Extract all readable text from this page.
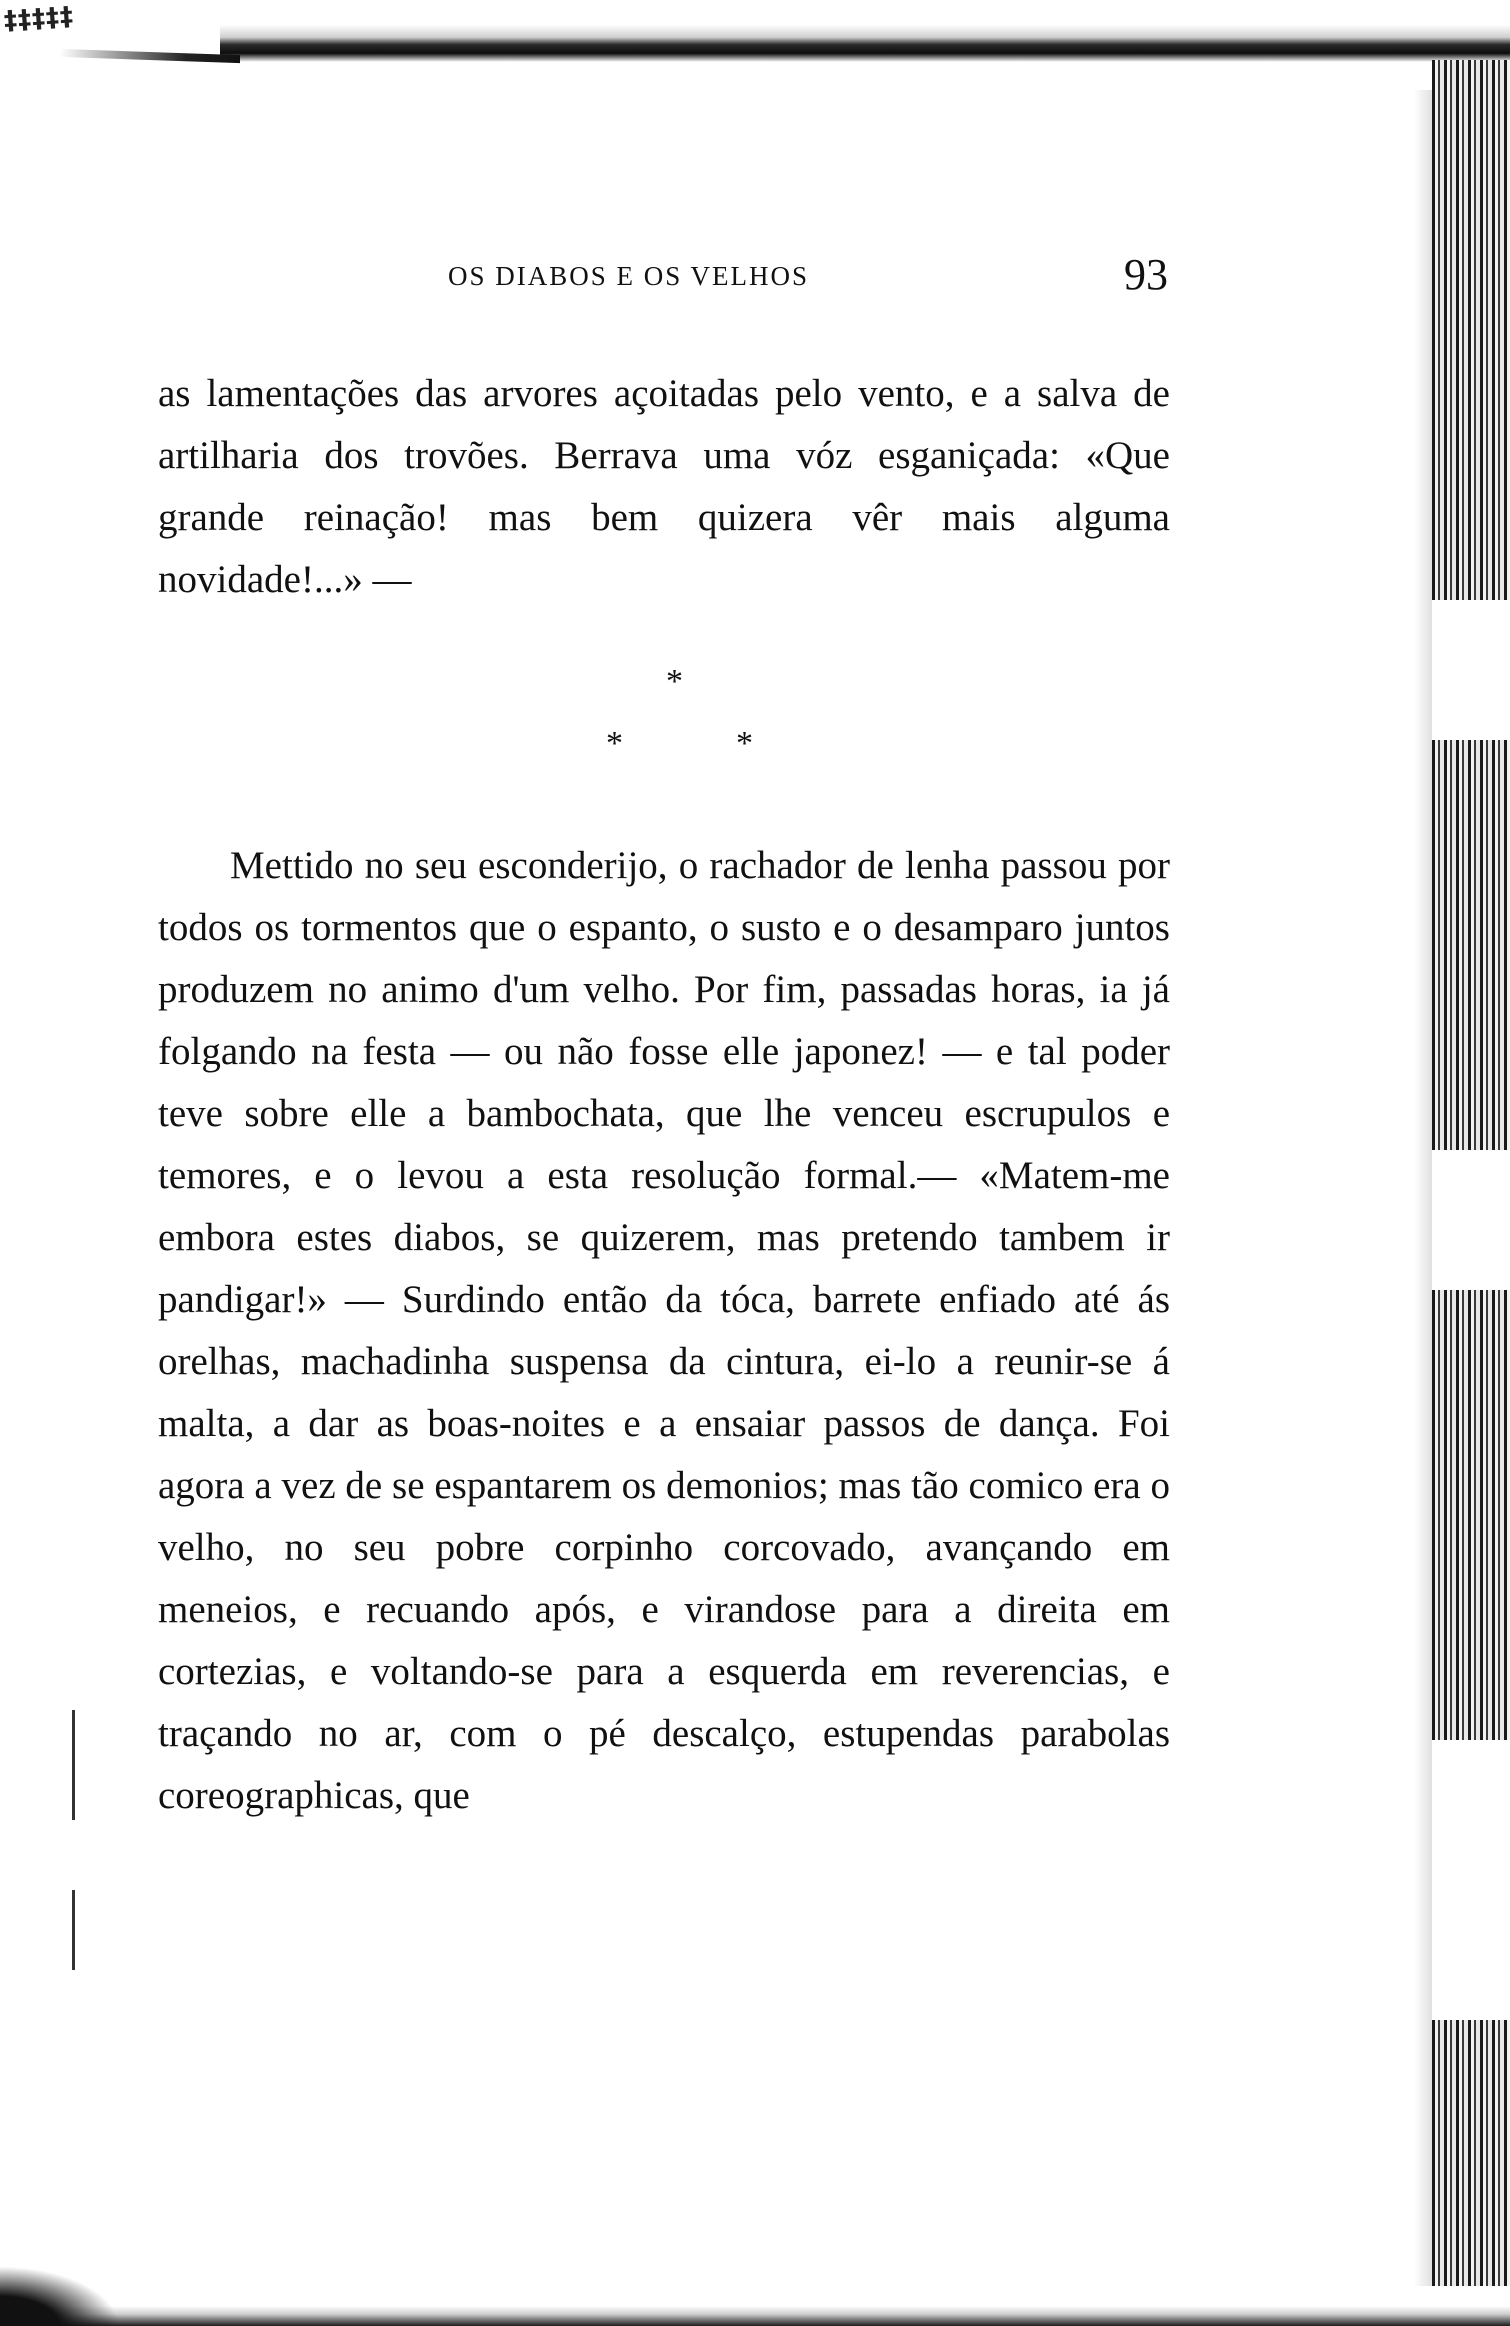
‡‡‡‡‡
OS DIABOS E OS VELHOS	93

as lamentações das arvores açoitadas pelo vento, e a salva de artilharia dos trovões. Berrava uma vóz esganiçada: «Que grande reinação! mas bem quizera vêr mais alguma novidade!...» —

*
*	*

Mettido no seu esconderijo, o rachador de lenha passou por todos os tormentos que o espanto, o susto e o desamparo juntos produzem no animo d'um velho. Por fim, passadas horas, ia já folgando na festa — ou não fosse elle japonez! — e tal poder teve sobre elle a bambochata, que lhe venceu escrupulos e temores, e o levou a esta resolução formal.— «Matem-me embora estes diabos, se quizerem, mas pretendo tambem ir pandigar!» — Surdindo então da tóca, barrete enfiado até ás orelhas, machadinha suspensa da cintura, ei-lo a reunir-se á malta, a dar as boas-noites e a ensaiar passos de dança. Foi agora a vez de se espantarem os demonios; mas tão comico era o velho, no seu pobre corpinho corcovado, avançando em meneios, e recuando após, e virandose para a direita em cortezias, e voltando-se para a esquerda em reverencias, e traçando no ar, com o pé descalço, estupendas parabolas coreographicas, que
